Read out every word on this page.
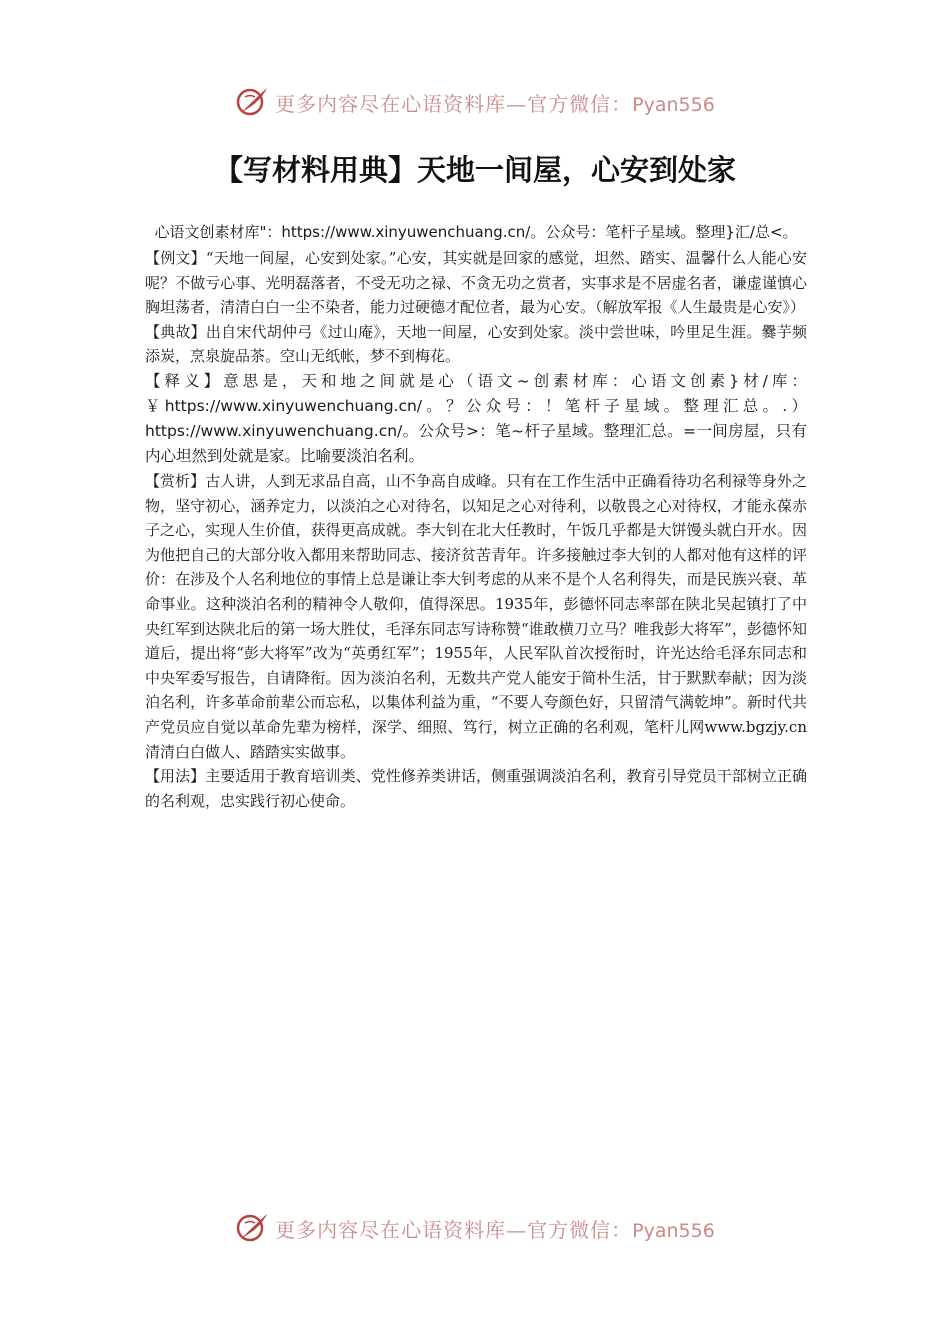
更多内容尽在心语资料库—官方微信：Pyan556
【写材料用典】天地一间屋，心安到处家
心语文创素材库"：https://www.xinyuwenchuang.cn/。公众号：笔杆子星域。整理}汇/总<。

【例文】“天地一间屋，心安到处家。”心安，其实就是回家的感觉，坦然、踏实、温馨什么人能心安呢？不做亏心事、光明磊落者，不受无功之禄、不贪无功之赏者，实事求是不居虚名者，谦虚谨慎心胸坦荡者，清清白白一尘不染者，能力过硬德才配位者，最为心安。（解放军报《人生最贵是心安》）

【典故】出自宋代胡仲弓《过山庵》，天地一间屋，心安到处家。淡中尝世味，吟里足生涯。爨芋频添炭，烹泉旋品茶。空山无纸帐，梦不到梅花。

【释义】意思是，天和地之间就是心（语文~创素材库：心语文创素}材/库：￥https://www.xinyuwenchuang.cn/。？公众号：！笔杆子星域。整理汇总。.）https://www.xinyuwenchuang.cn/。公众号>：笔~杆子星域。整理汇总。=一间房屋，只有内心坦然到处就是家。比喻要淡泊名利。

【赏析】古人讲，人到无求品自高，山不争高自成峰。只有在工作生活中正确看待功名利禄等身外之物，坚守初心，涵养定力，以淡泊之心对待名，以知足之心对待利，以敬畏之心对待权，才能永葆赤子之心，实现人生价值，获得更高成就。李大钊在北大任教时，午饭几乎都是大饼馒头就白开水。因为他把自己的大部分收入都用来帮助同志、接济贫苦青年。许多接触过李大钊的人都对他有这样的评价：在涉及个人名利地位的事情上总是谦让李大钊考虑的从来不是个人名利得失，而是民族兴衰、革命事业。这种淡泊名利的精神令人敬仰，值得深思。1935年，彭德怀同志率部在陕北吴起镇打了中央红军到达陕北后的第一场大胜仗，毛泽东同志写诗称赞“谁敢横刀立马？唯我彭大将军”，彭德怀知道后，提出将“彭大将军”改为“英勇红军”；1955年，人民军队首次授衔时，许光达给毛泽东同志和中央军委写报告，自请降衔。因为淡泊名利，无数共产党人能安于简朴生活，甘于默默奉献；因为淡泊名利，许多革命前辈公而忘私，以集体利益为重，“不要人夸颜色好，只留清气满乾坤”。新时代共产党员应自觉以革命先辈为榜样，深学、细照、笃行，树立正确的名利观，笔杆儿网www.bgzjy.cn清清白白做人、踏踏实实做事。

【用法】主要适用于教育培训类、党性修养类讲话，侧重强调淡泊名利，教育引导党员干部树立正确的名利观，忠实践行初心使命。

更多内容尽在心语资料库—官方微信：Pyan556
